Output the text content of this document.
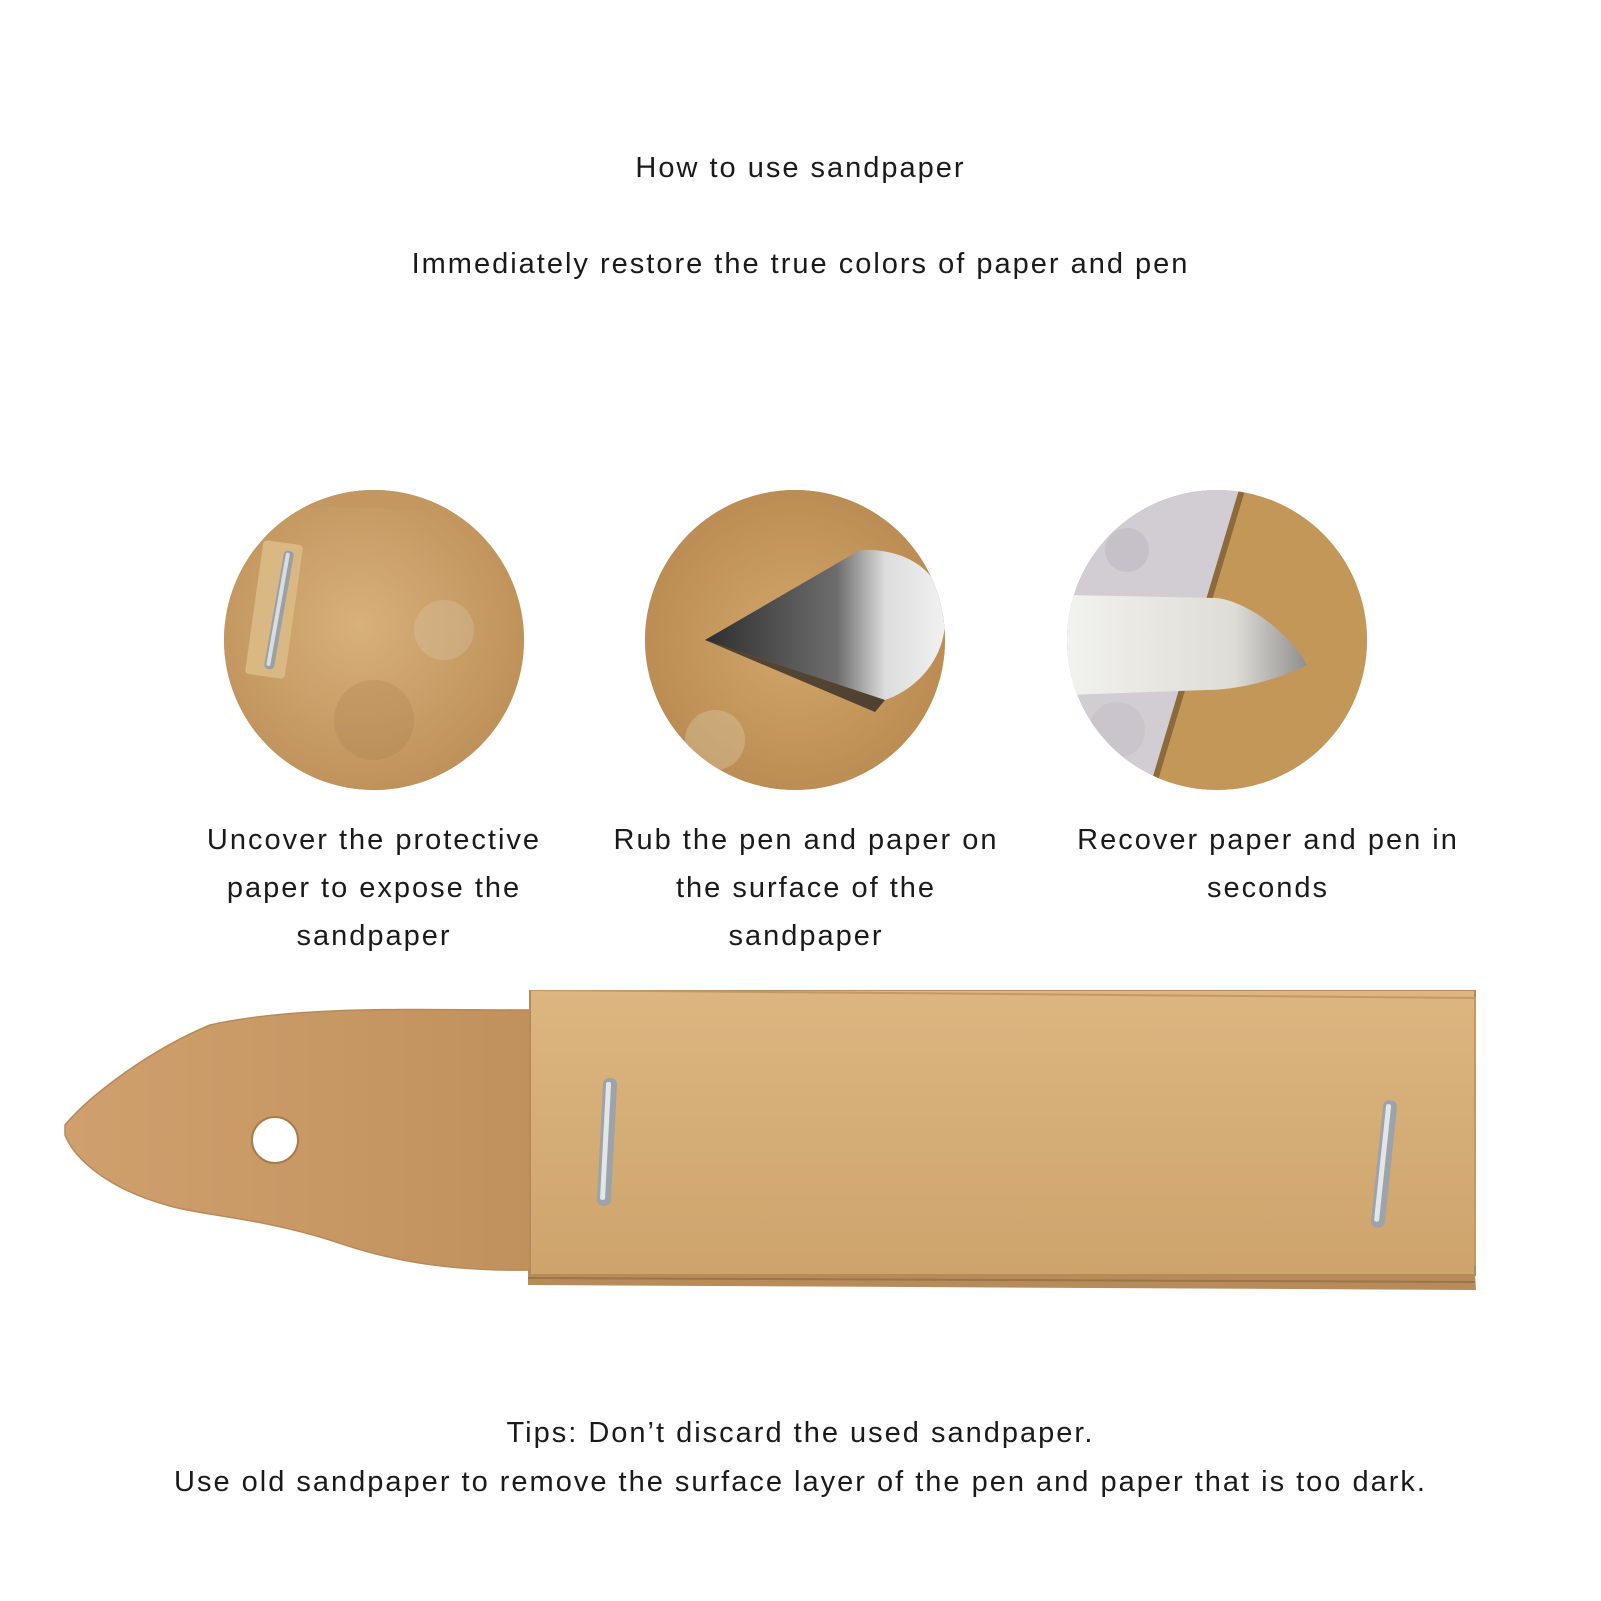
How to use sandpaper
Immediately restore the true colors of paper and pen

Uncover the protective paper to expose the sandpaper

Rub the pen and paper on the surface of the sandpaper

Recover paper and pen in seconds

Tips: Don’t discard the used sandpaper.

Use old sandpaper to remove the surface layer of the pen and paper that is too dark.
